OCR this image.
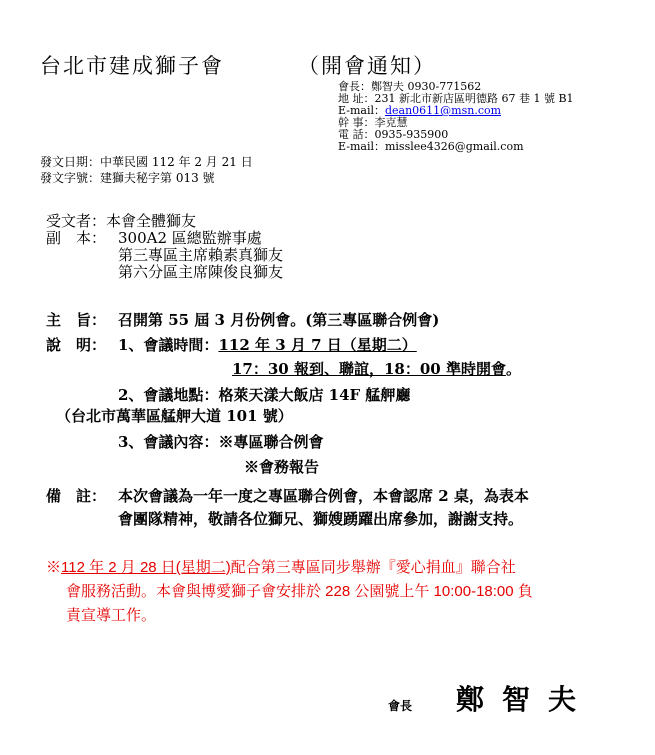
台北市建成獅子會	（開會通知）
會長：鄭智夫 0930-771562
地 址：231 新北市新店區明德路 67 巷 1 號 B1
E-mail：dean0611@msn.com
幹 事：李克慧
電 話：0935-935900
E-mail：misslee4326@gmail.com
發文日期：中華民國 112 年 2 月 21 日
發文字號：建獅夫秘字第 013 號
受文者：本會全體獅友
副　本： 300A2 區總監辦事處
第三專區主席賴素真獅友
第六分區主席陳俊良獅友
主　旨： 召開第 55 屆 3 月份例會。(第三專區聯合例會)
說　明： 1、會議時間：112 年 3 月 7 日（星期二）
17：30 報到、聯誼，18：00 準時開會。
2、會議地點：格萊天漾大飯店 14F 艋舺廳
（台北市萬華區艋舺大道 101 號）
3、會議內容：※專區聯合例會
※會務報告
備　註： 本次會議為一年一度之專區聯合例會，本會認席 2 桌，為表本
會團隊精神，敬請各位獅兄、獅嫂踴躍出席參加，謝謝支持。
※112 年 2 月 28 日(星期二)配合第三專區同步舉辦『愛心捐血』聯合社
會服務活動。本會與博愛獅子會安排於 228 公園號上午 10:00-18:00 負
責宣導工作。
會長 鄭智夫
